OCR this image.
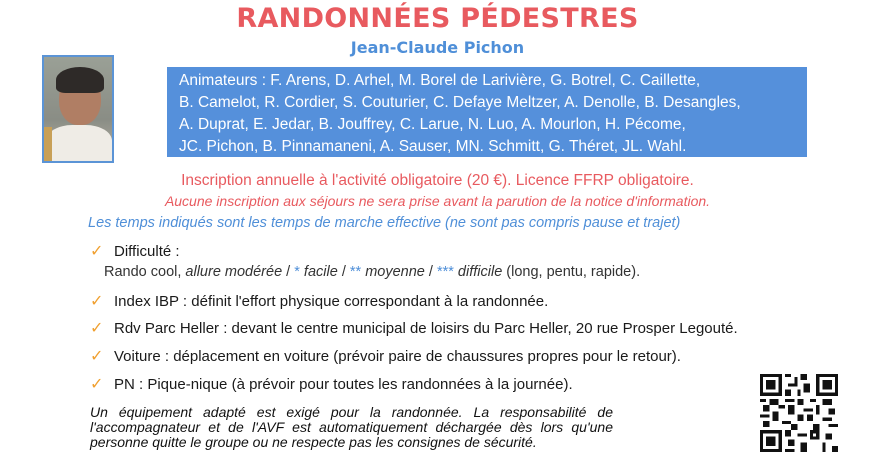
RANDONNÉES PÉDESTRES
Jean-Claude Pichon
Animateurs : F. Arens, D. Arhel, M. Borel de Larivière, G. Botrel, C. Caillette,
B. Camelot, R. Cordier, S. Couturier, C. Defaye Meltzer, A. Denolle, B. Desangles,
A. Duprat, E. Jedar, B. Jouffrey, C. Larue, N. Luo, A. Mourlon, H. Pécome,
JC. Pichon, B. Pinnamaneni, A. Sauser, MN. Schmitt, G. Théret, JL. Wahl.
Inscription annuelle à l'activité obligatoire (20 €). Licence FFRP obligatoire.
Aucune inscription aux séjours ne sera prise avant la parution de la notice d'information.
Les temps indiqués sont les temps de marche effective (ne sont pas compris pause et trajet)
✓ Difficulté :
Rando cool, allure modérée / * facile / ** moyenne / *** difficile (long, pentu, rapide).
✓ Index IBP : définit l'effort physique correspondant à la randonnée.
✓ Rdv Parc Heller : devant le centre municipal de loisirs du Parc Heller, 20 rue Prosper Legouté.
✓ Voiture : déplacement en voiture (prévoir paire de chaussures propres pour le retour).
✓ PN : Pique-nique (à prévoir pour toutes les randonnées à la journée).
Un équipement adapté est exigé pour la randonnée. La responsabilité de l'accompagnateur et de l'AVF est automatiquement déchargée dès lors qu'une personne quitte le groupe ou ne respecte pas les consignes de sécurité.
